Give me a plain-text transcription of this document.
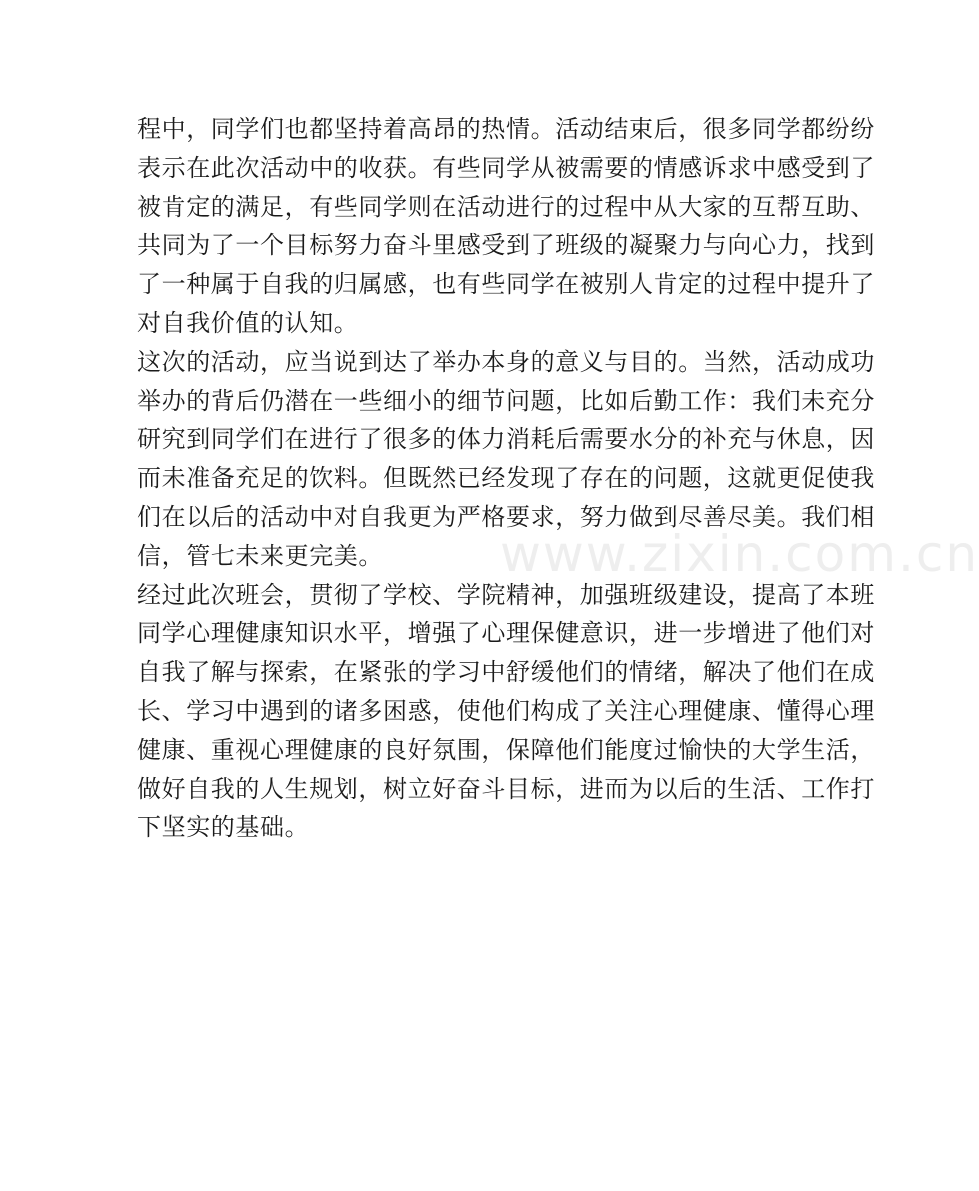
www.zixin.com.cn

程中，同学们也都坚持着高昂的热情。活动结束后，很多同学都纷纷
表示在此次活动中的收获。有些同学从被需要的情感诉求中感受到了
被肯定的满足，有些同学则在活动进行的过程中从大家的互帮互助、
共同为了一个目标努力奋斗里感受到了班级的凝聚力与向心力，找到
了一种属于自我的归属感，也有些同学在被别人肯定的过程中提升了
对自我价值的认知。

这次的活动，应当说到达了举办本身的意义与目的。当然，活动成功
举办的背后仍潜在一些细小的细节问题，比如后勤工作：我们未充分
研究到同学们在进行了很多的体力消耗后需要水分的补充与休息，因
而未准备充足的饮料。但既然已经发现了存在的问题，这就更促使我
们在以后的活动中对自我更为严格要求，努力做到尽善尽美。我们相
信，管七未来更完美。

经过此次班会，贯彻了学校、学院精神，加强班级建设，提高了本班
同学心理健康知识水平，增强了心理保健意识，进一步增进了他们对
自我了解与探索，在紧张的学习中舒缓他们的情绪，解决了他们在成
长、学习中遇到的诸多困惑，使他们构成了关注心理健康、懂得心理
健康、重视心理健康的良好氛围，保障他们能度过愉快的大学生活，
做好自我的人生规划，树立好奋斗目标，进而为以后的生活、工作打
下坚实的基础。
